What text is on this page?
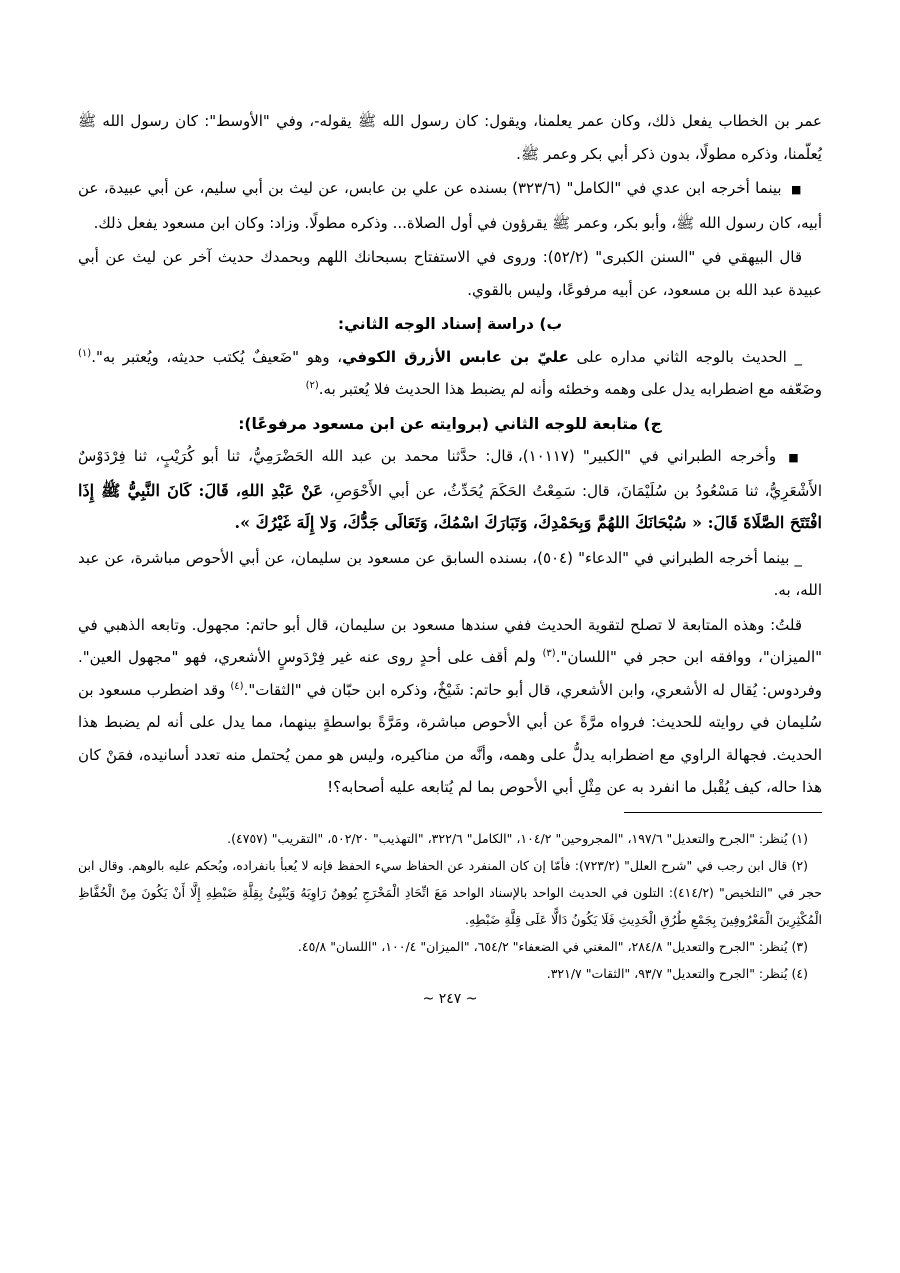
عمر بن الخطاب يفعل ذلك، وكان عمر يعلمنا، ويقول: كان رسول الله ﷺ يقوله-، وفي "الأوسط": كان رسول الله ﷺ يُعلّمنا، وذكره مطولًا، بدون ذكر أبي بكر وعمر ﷺ.

■ بينما أخرجه ابن عدي في "الكامل" (٣٢٣/٦) بسنده عن علي بن عابس، عن ليث بن أبي سليم، عن أبي عبيدة، عن أبيه، كان رسول الله ﷺ، وأبو بكر، وعمر ﷺ يقرؤون في أول الصلاة... وذكره مطولًا. وزاد: وكان ابن مسعود يفعل ذلك.

قال البيهقي في "السنن الكبرى" (٥٢/٢): وروى في الاستفتاح بسبحانك اللهم وبحمدك حديث آخر عن ليث عن أبي عبيدة عبد الله بن مسعود، عن أبيه مرفوعًا، وليس بالقوي.

ب) دراسة إسناد الوجه الثاني:

_ الحديث بالوجه الثاني مداره على عليّ بن عابس الأزرق الكوفي، وهو "ضَعيفٌ يُكتب حديثه، ويُعتبر به".$^{(١)}$ وضَعّفه مع اضطرابه يدل على وهمه وخطئه وأنه لم يضبط هذا الحديث فلا يُعتبر به.$^{(٢)}$

ج) متابعة للوجه الثاني (بروايته عن ابن مسعود مرفوعًا):

■ وأخرجه الطبراني في "الكبير" (١٠١١٧)، قال: حدَّثنا محمد بن عبد الله الحَضْرَمِيُّ، ثنا أبو كُرَيْبٍ، ثنا فِرْدَوْسٌ الأَشْعَرِيُّ، ثنا مَسْعُودُ بن سُلَيْمَانَ، قال: سَمِعْتُ الحَكَمَ يُحَدِّثُ، عن أبي الأَحْوَصِ، عَنْ عَبْدِ اللهِ، قَالَ: كَانَ النَّبِيُّ ﷺ إِذَا افْتَتَحَ الصَّلَاةَ قَالَ: « سُبْحَانَكَ اللهُمَّ وَبِحَمْدِكَ، وَتَبَارَكَ اسْمُكَ، وَتَعَالَى جَدُّكَ، وَلا إِلَهَ غَيْرُكَ ».

_ بينما أخرجه الطبراني في "الدعاء" (٥٠٤)، بسنده السابق عن مسعود بن سليمان، عن أبي الأحوص مباشرة، عن عبد الله، به.

قلتُ: وهذه المتابعة لا تصلح لتقوية الحديث ففي سندها مسعود بن سليمان، قال أبو حاتم: مجهول. وتابعه الذهبي في "الميزان"، ووافقه ابن حجر في "اللسان".$^{(٣)}$ ولم أقف على أحدٍ روى عنه غير فِرْدَوسٍ الأشعري، فهو "مجهول العين". وفردوس: يُقال له الأشعري، وابن الأشعري، قال أبو حاتم: شَيْخٌ، وذكره ابن حبّان في "الثقات".$^{(٤)}$ وقد اضطرب مسعود بن سُليمان في روايته للحديث: فرواه مرَّةً عن أبي الأحوص مباشرة، ومَرَّةً بواسطةٍ بينهما، مما يدل على أنه لم يضبط هذا الحديث. فجهالة الراوي مع اضطرابه يدلُّ على وهمه، وأنَّه من مناكيره، وليس هو ممن يُحتمل منه تعدد أسانيده، فمَنْ كان هذا حاله، كيف يُقْبل ما انفرد به عن مِثْلِ أبي الأحوص بما لم يُتابعه عليه أصحابه؟!

(١) يُنظر: "الجرح والتعديل" ١٩٧/٦، "المجروحين" ١٠٤/٢، "الكامل" ٣٢٢/٦، "التهذيب" ٥٠٢/٢٠، "التقريب" (٤٧٥٧).

(٢) قال ابن رجب في "شرح العلل" (٧٢٣/٢): فأمّا إن كان المنفرد عن الحفاظ سيء الحفظ فإنه لا يُعبأ بانفراده، ويُحكم عليه بالوهم. وقال ابن حجر في "التلخيص" (٤١٤/٢): التلون في الحديث الواحد بالإسناد الواحد مَعَ اتِّحَادِ الْمَخْرَجِ يُوهِنُ رَاوِيَهُ وَيُنْبِئُ بِقِلَّةِ ضَبْطِهِ إِلَّا أَنْ يَكُونَ مِنْ الْحُفَّاظِ الْمُكْثِرِينَ الْمَعْرُوفِينَ بِجَمْعِ طُرُقِ الْحَدِيثِ فَلَا يَكُونُ دَالًّا عَلَى قِلَّةِ ضَبْطِهِ.

(٣) يُنظر: "الجرح والتعديل" ٢٨٤/٨، "المغني في الضعفاء" ٦٥٤/٢، "الميزان" ١٠٠/٤، "اللسان" ٤٥/٨.

(٤) يُنظر: "الجرح والتعديل" ٩٣/٧، "الثقات" ٣٢١/٧.

~ ٢٤٧ ~
